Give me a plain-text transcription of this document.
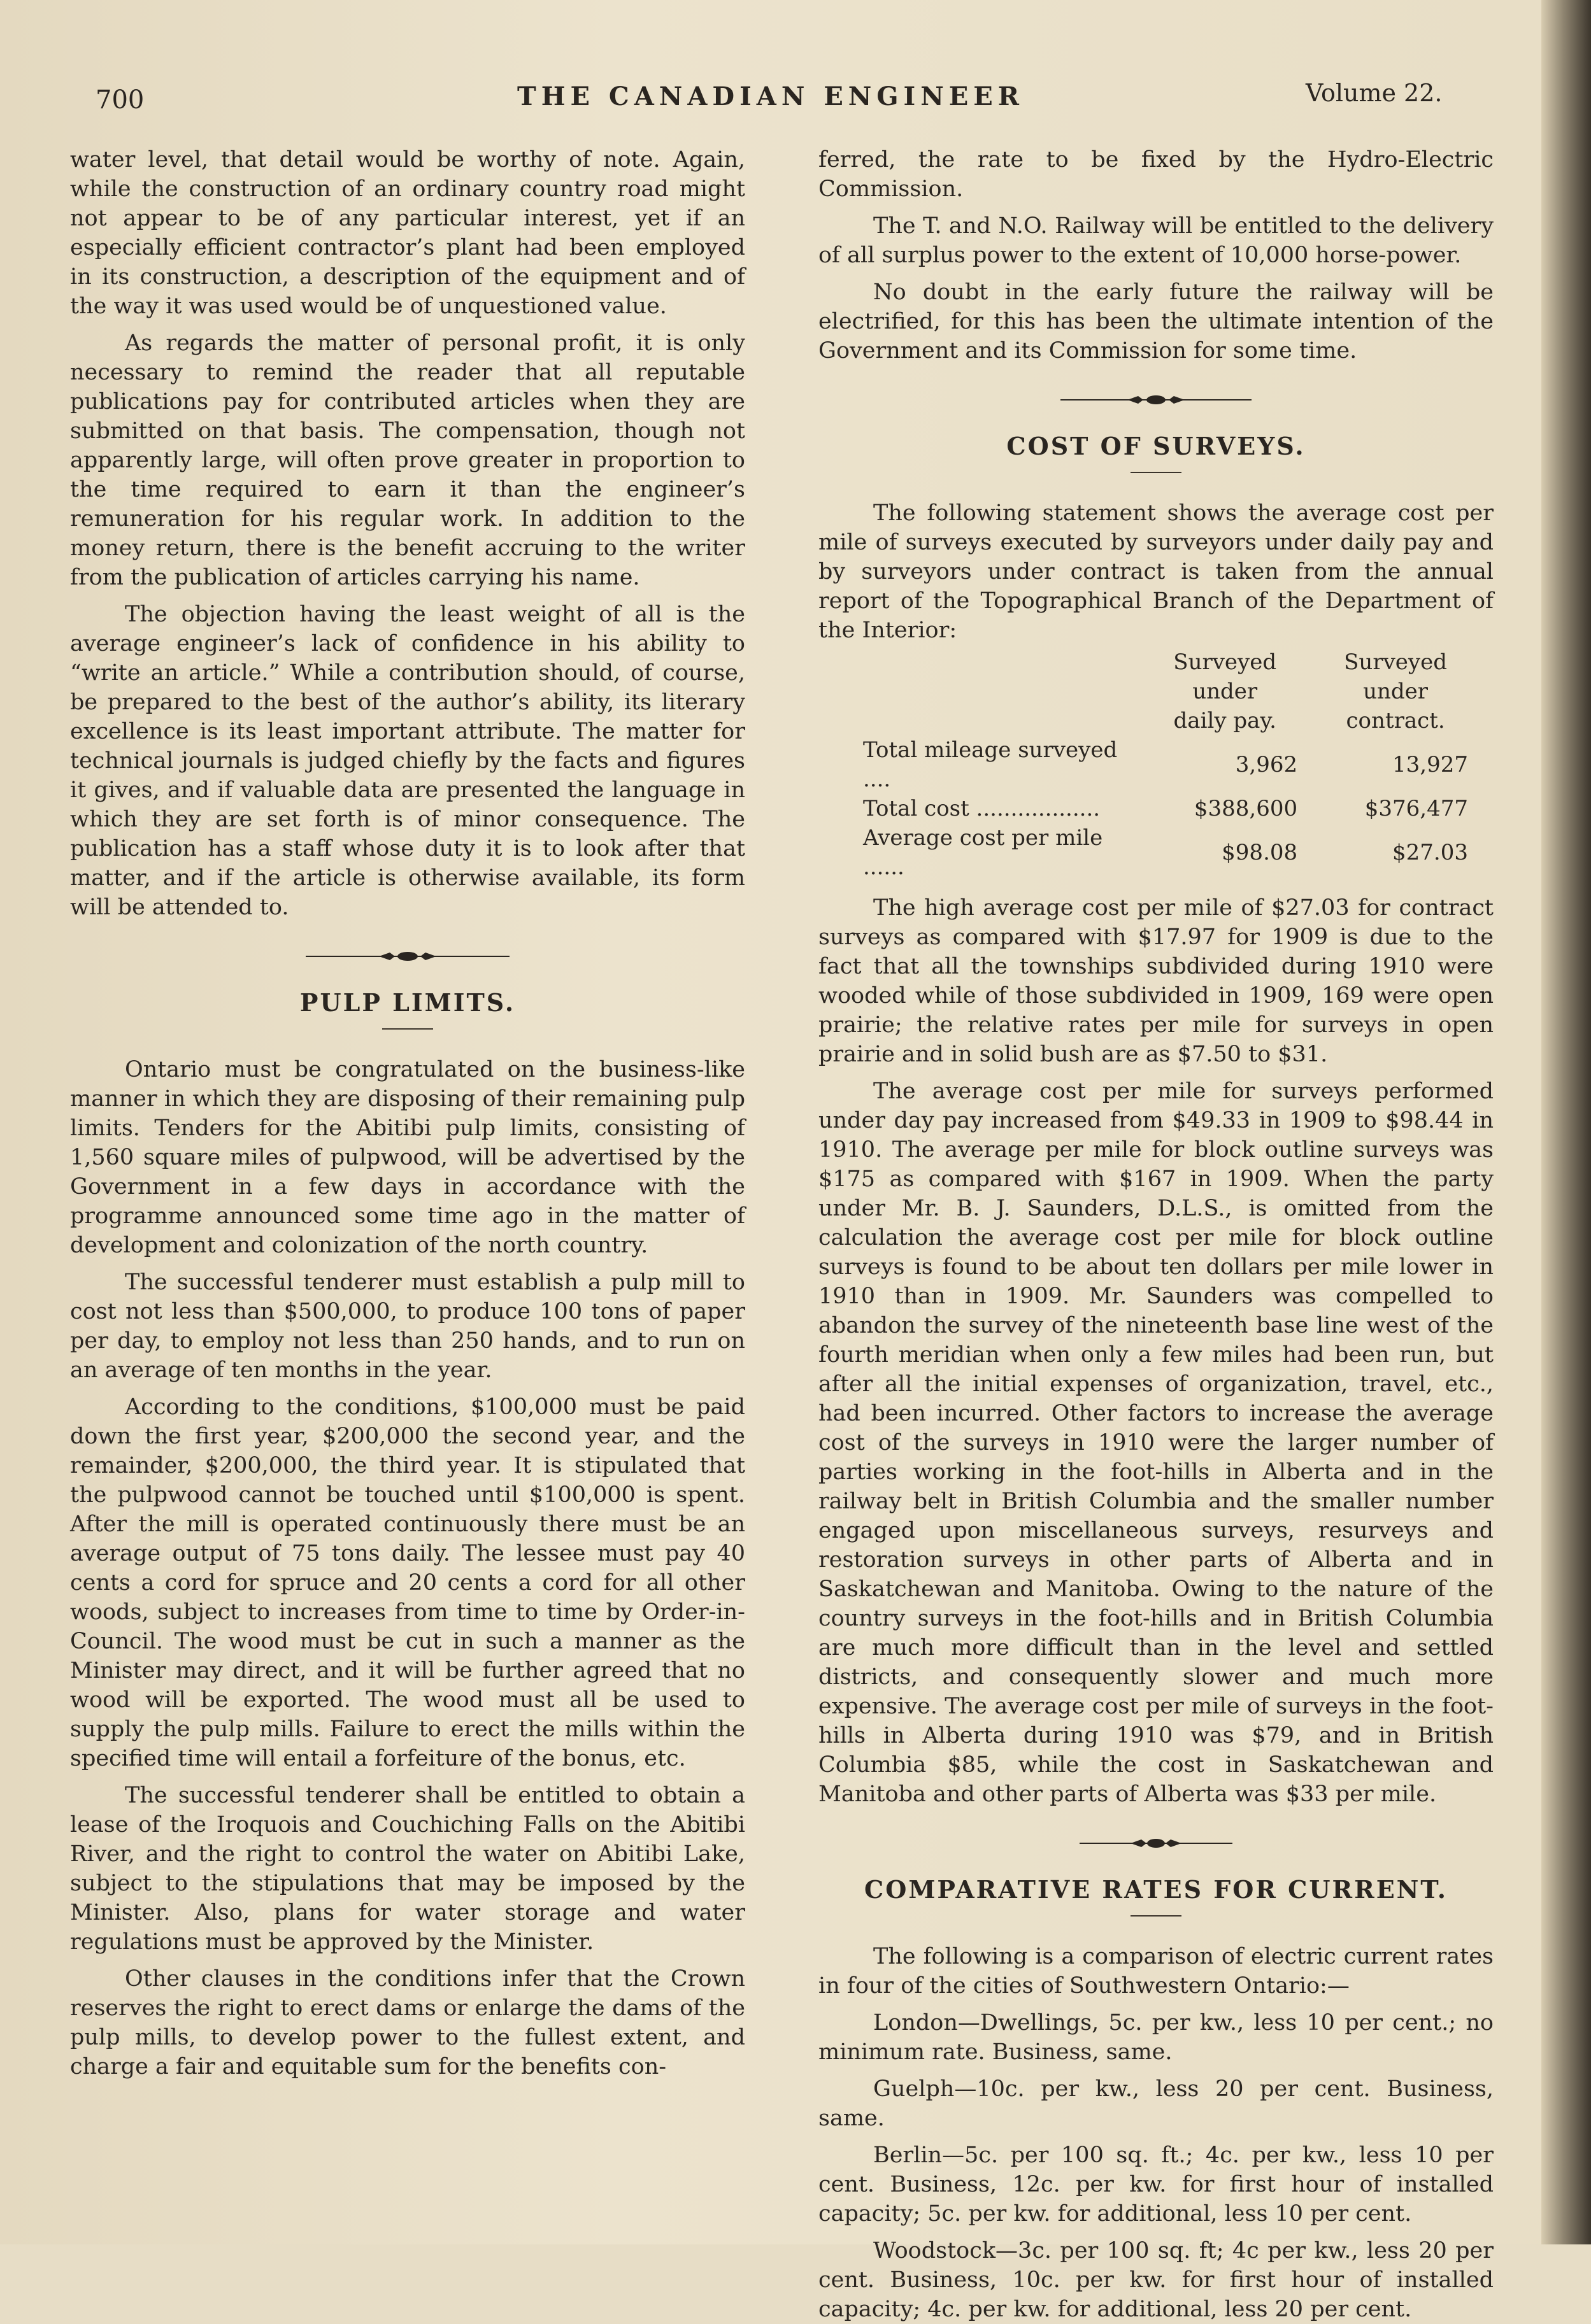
700	THE CANADIAN ENGINEER	Volume 22.

water level, that detail would be worthy of note. Again, while the construction of an ordinary country road might not appear to be of any particular interest, yet if an especially efficient contractor’s plant had been employed in its construction, a description of the equipment and of the way it was used would be of unquestioned value.

As regards the matter of personal profit, it is only necessary to remind the reader that all reputable publications pay for contributed articles when they are submitted on that basis. The compensation, though not apparently large, will often prove greater in proportion to the time required to earn it than the engineer’s remuneration for his regular work. In addition to the money return, there is the benefit accruing to the writer from the publication of articles carrying his name.

The objection having the least weight of all is the average engineer’s lack of confidence in his ability to “write an article.” While a contribution should, of course, be prepared to the best of the author’s ability, its literary excellence is its least important attribute. The matter for technical journals is judged chiefly by the facts and figures it gives, and if valuable data are presented the language in which they are set forth is of minor consequence. The publication has a staff whose duty it is to look after that matter, and if the article is otherwise available, its form will be attended to.

PULP LIMITS.

Ontario must be congratulated on the business-like manner in which they are disposing of their remaining pulp limits. Tenders for the Abitibi pulp limits, consisting of 1,560 square miles of pulpwood, will be advertised by the Government in a few days in accordance with the programme announced some time ago in the matter of development and colonization of the north country.

The successful tenderer must establish a pulp mill to cost not less than $500,000, to produce 100 tons of paper per day, to employ not less than 250 hands, and to run on an average of ten months in the year.

According to the conditions, $100,000 must be paid down the first year, $200,000 the second year, and the remainder, $200,000, the third year. It is stipulated that the pulpwood cannot be touched until $100,000 is spent. After the mill is operated continuously there must be an average output of 75 tons daily. The lessee must pay 40 cents a cord for spruce and 20 cents a cord for all other woods, subject to increases from time to time by Order-in-Council. The wood must be cut in such a manner as the Minister may direct, and it will be further agreed that no wood will be exported. The wood must all be used to supply the pulp mills. Failure to erect the mills within the specified time will entail a forfeiture of the bonus, etc.

The successful tenderer shall be entitled to obtain a lease of the Iroquois and Couchiching Falls on the Abitibi River, and the right to control the water on Abitibi Lake, subject to the stipulations that may be imposed by the Minister. Also, plans for water storage and water regulations must be approved by the Minister.

Other clauses in the conditions infer that the Crown reserves the right to erect dams or enlarge the dams of the pulp mills, to develop power to the fullest extent, and charge a fair and equitable sum for the benefits con-

ferred, the rate to be fixed by the Hydro-Electric Commission.

The T. and N.O. Railway will be entitled to the delivery of all surplus power to the extent of 10,000 horse-power.

No doubt in the early future the railway will be electrified, for this has been the ultimate intention of the Government and its Commission for some time.

COST OF SURVEYS.

The following statement shows the average cost per mile of surveys executed by surveyors under daily pay and by surveyors under contract is taken from the annual report of the Topographical Branch of the Department of the Interior:

	Surveyed under	Surveyed under
	daily pay.	contract.
Total mileage surveyed ....	3,962	13,927
Total cost ..................	$388,600	$376,477
Average cost per mile ......	$98.08	$27.03

The high average cost per mile of $27.03 for contract surveys as compared with $17.97 for 1909 is due to the fact that all the townships subdivided during 1910 were wooded while of those subdivided in 1909, 169 were open prairie; the relative rates per mile for surveys in open prairie and in solid bush are as $7.50 to $31.

The average cost per mile for surveys performed under day pay increased from $49.33 in 1909 to $98.44 in 1910. The average per mile for block outline surveys was $175 as compared with $167 in 1909. When the party under Mr. B. J. Saunders, D.L.S., is omitted from the calculation the average cost per mile for block outline surveys is found to be about ten dollars per mile lower in 1910 than in 1909. Mr. Saunders was compelled to abandon the survey of the nineteenth base line west of the fourth meridian when only a few miles had been run, but after all the initial expenses of organization, travel, etc., had been incurred. Other factors to increase the average cost of the surveys in 1910 were the larger number of parties working in the foot-hills in Alberta and in the railway belt in British Columbia and the smaller number engaged upon miscellaneous surveys, resurveys and restoration surveys in other parts of Alberta and in Saskatchewan and Manitoba. Owing to the nature of the country surveys in the foot-hills and in British Columbia are much more difficult than in the level and settled districts, and consequently slower and much more expensive. The average cost per mile of surveys in the foot-hills in Alberta during 1910 was $79, and in British Columbia $85, while the cost in Saskatchewan and Manitoba and other parts of Alberta was $33 per mile.

COMPARATIVE RATES FOR CURRENT.

The following is a comparison of electric current rates in four of the cities of Southwestern Ontario:—

London—Dwellings, 5c. per kw., less 10 per cent.; no minimum rate. Business, same.

Guelph—10c. per kw., less 20 per cent. Business, same.

Berlin—5c. per 100 sq. ft.; 4c. per kw., less 10 per cent. Business, 12c. per kw. for first hour of installed capacity; 5c. per kw. for additional, less 10 per cent.

Woodstock—3c. per 100 sq. ft; 4c per kw., less 20 per cent. Business, 10c. per kw. for first hour of installed capacity; 4c. per kw. for additional, less 20 per cent.
